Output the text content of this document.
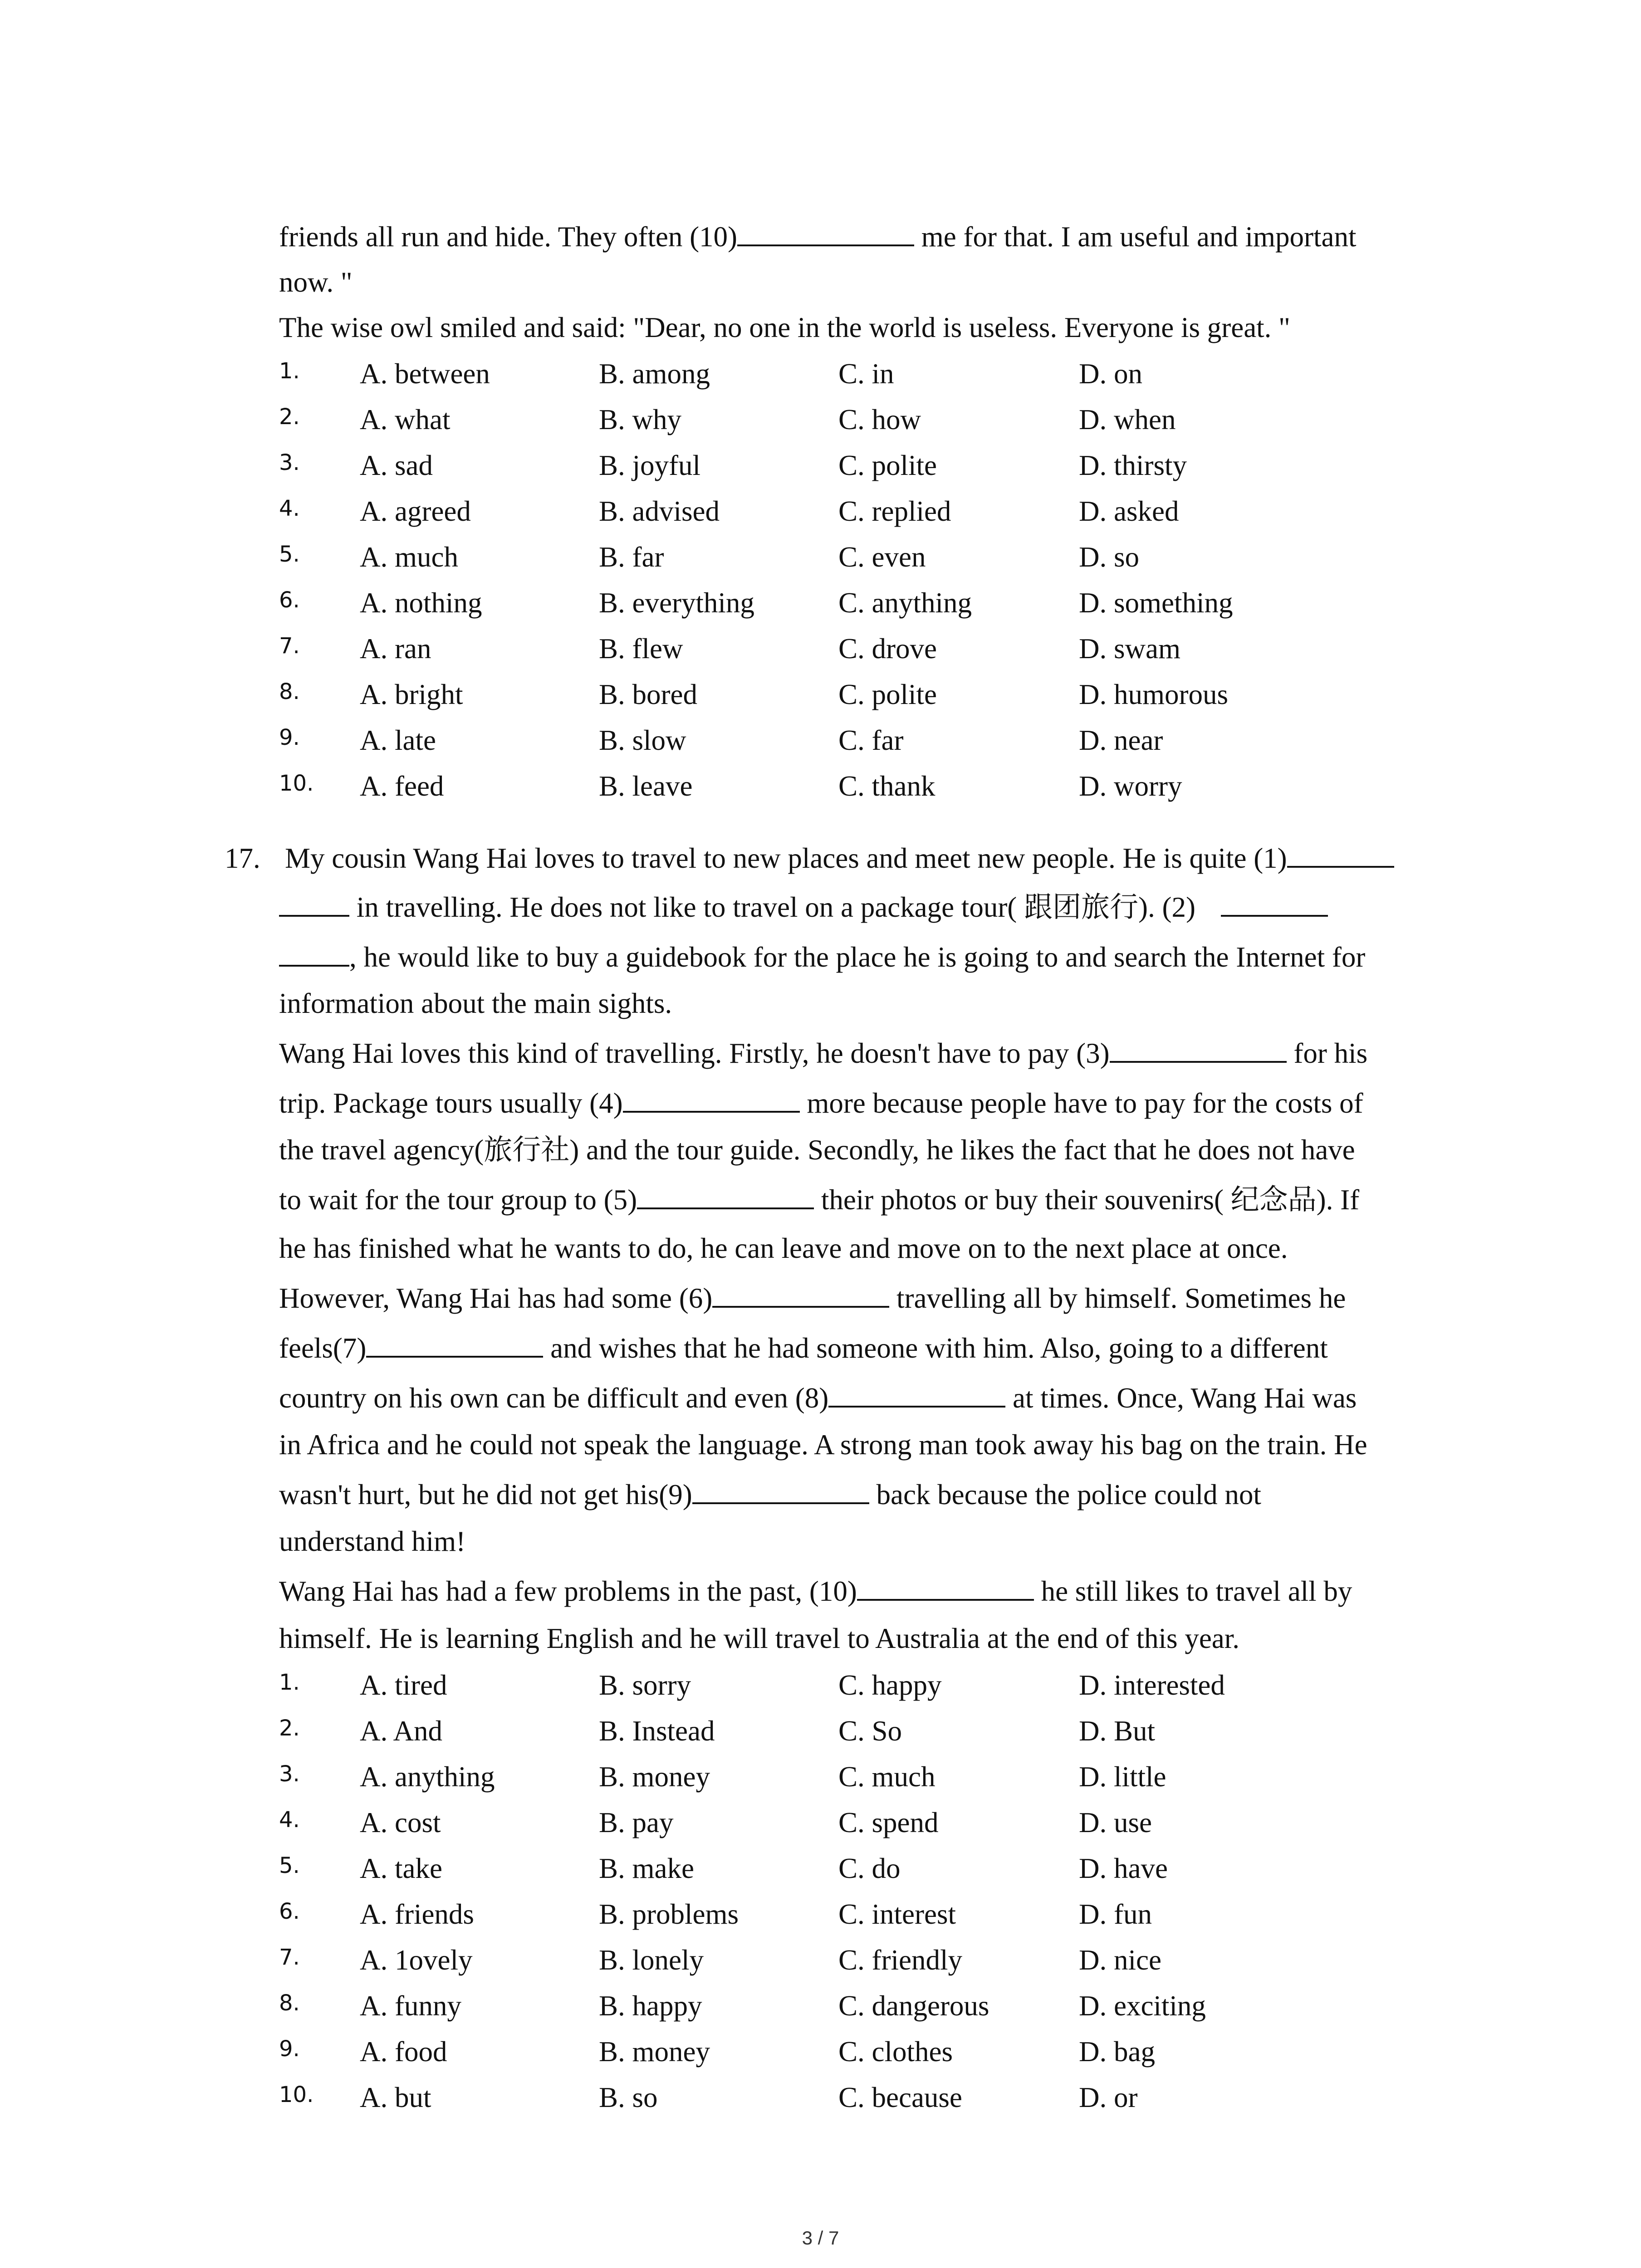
friends all run and hide. They often (10)	me for that. I am useful and important
now. "
The wise owl smiled and said: "Dear, no one in the world is useless. Everyone is great. "
1. A. between	B. among	C. in	D. on
2. A. what	B. why	C. how	D. when
3. A. sad	B. joyful	C. polite	D. thirsty
4. A. agreed	B. advised	C. replied	D. asked
5. A. much	B. far	C. even	D. so
6. A. nothing	B. everything	C. anything	D. something
7. A. ran	B. flew	C. drove	D. swam
8. A. bright	B. bored	C. polite	D. humorous
9. A. late	B. slow	C. far	D. near
10. A. feed	B. leave	C. thank	D. worry
17. My cousin Wang Hai loves to travel to new places and meet new people. He is quite (1)
in travelling. He does not like to travel on a package tour( 跟团旅行). (2)
, he would like to buy a guidebook for the place he is going to and search the Internet for
information about the main sights.
Wang Hai loves this kind of travelling. Firstly, he doesn't have to pay (3)	for his
trip. Package tours usually (4)	more because people have to pay for the costs of
the travel agency(旅行社) and the tour guide. Secondly, he likes the fact that he does not have
to wait for the tour group to (5)	their photos or buy their souvenirs( 纪念品). If
he has finished what he wants to do, he can leave and move on to the next place at once.
However, Wang Hai has had some (6)	travelling all by himself. Sometimes he
feels(7)	and wishes that he had someone with him. Also, going to a different
country on his own can be difficult and even (8)	at times. Once, Wang Hai was
in Africa and he could not speak the language. A strong man took away his bag on the train. He
wasn't hurt, but he did not get his(9)	back because the police could not
understand him!
Wang Hai has had a few problems in the past, (10)	he still likes to travel all by
himself. He is learning English and he will travel to Australia at the end of this year.
1. A. tired	B. sorry	C. happy	D. interested
2. A. And	B. Instead	C. So	D. But
3. A. anything	B. money	C. much	D. little
4. A. cost	B. pay	C. spend	D. use
5. A. take	B. make	C. do	D. have
6. A. friends	B. problems	C. interest	D. fun
7. A. 1ovely	B. lonely	C. friendly	D. nice
8. A. funny	B. happy	C. dangerous	D. exciting
9. A. food	B. money	C. clothes	D. bag
10. A. but	B. so	C. because	D. or
3 / 7
